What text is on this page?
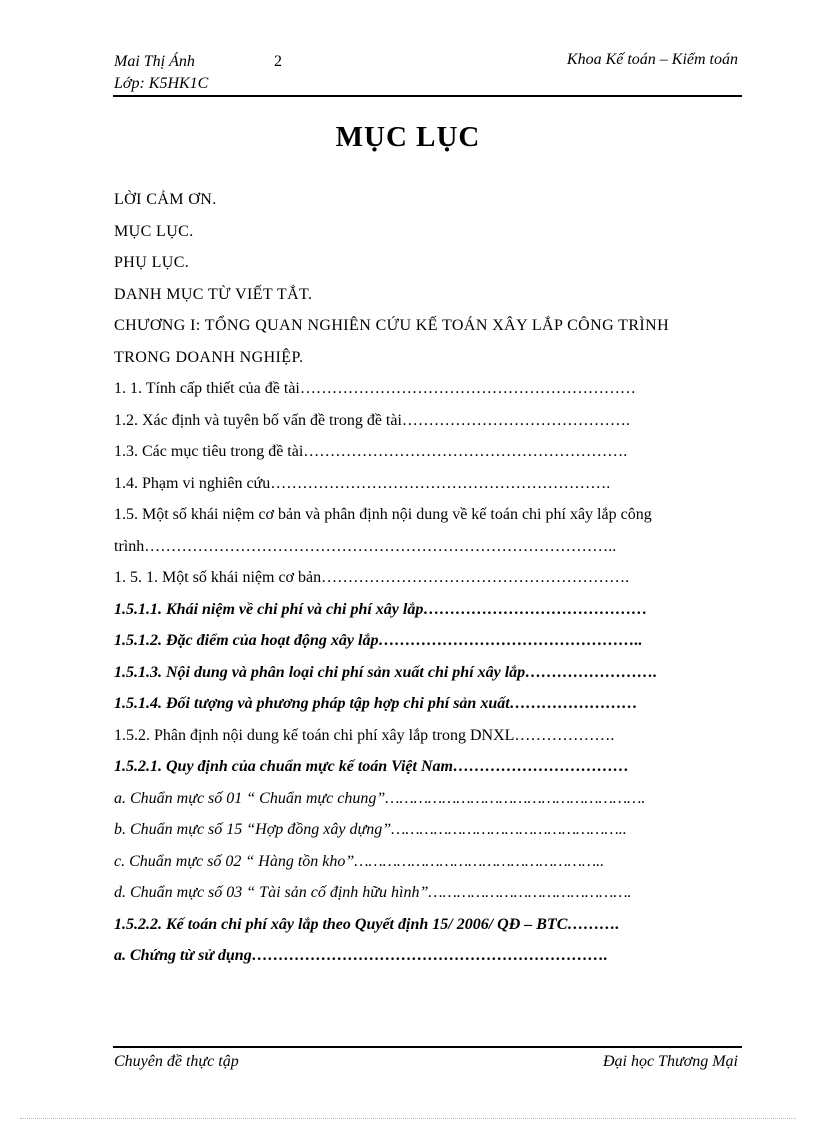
Mai Thị Ánh
Lớp: K5HK1C
2	Khoa Kế toán – Kiểm toán
MỤC LỤC
LỜI CẢM ƠN.
MỤC LỤC.
PHỤ LỤC.
DANH MỤC TỪ VIẾT TẮT.
CHƯƠNG I: TỔNG QUAN NGHIÊN CỨU KẾ TOÁN XÂY LẮP CÔNG TRÌNH
TRONG DOANH NGHIỆP.
1. 1. Tính cấp thiết của đề tài………………………………………………………
1.2. Xác định và tuyên bố vấn đề trong đề tài…………………………………….
1.3. Các mục tiêu trong đề tài…………………………………………………….
1.4. Phạm vi nghiên cứu……………………………………………………….
1.5. Một số khái niệm cơ bản và phân định nội dung về kế toán chi phí xây lắp công
trình……………………………………………………………………………..
1. 5. 1. Một số khái niệm cơ bản………………………………………………….
1.5.1.1. Khái niệm về chi phí và chi phí xây lắp……………………………………
1.5.1.2. Đặc điểm của hoạt động xây lắp…………………………………………..
1.5.1.3. Nội dung và phân loại chi phí sản xuất chi phí xây lắp…………………….
1.5.1.4. Đối tượng và phương pháp tập hợp chi phí sản xuất……………………
1.5.2. Phân định nội dung kế toán chi phí xây lắp trong DNXL……………….
1.5.2.1. Quy định của chuẩn mực kế toán Việt Nam……………………………
a. Chuẩn mực số 01 “ Chuẩn mực chung”……………………………………………….
b. Chuẩn mực số 15 “Hợp đồng xây dựng”…………………………………………..
c. Chuẩn mực số 02 “ Hàng tồn kho”……………………………………………..
d. Chuẩn mực số 03 “ Tài sản cố định hữu hình”…………………………………….
1.5.2.2. Kế toán chi phí xây lắp theo Quyết định 15/ 2006/ QĐ – BTC……….
a. Chứng từ sử dụng………………………………………………………….
Chuyên đề thực tập	Đại học Thương Mại
